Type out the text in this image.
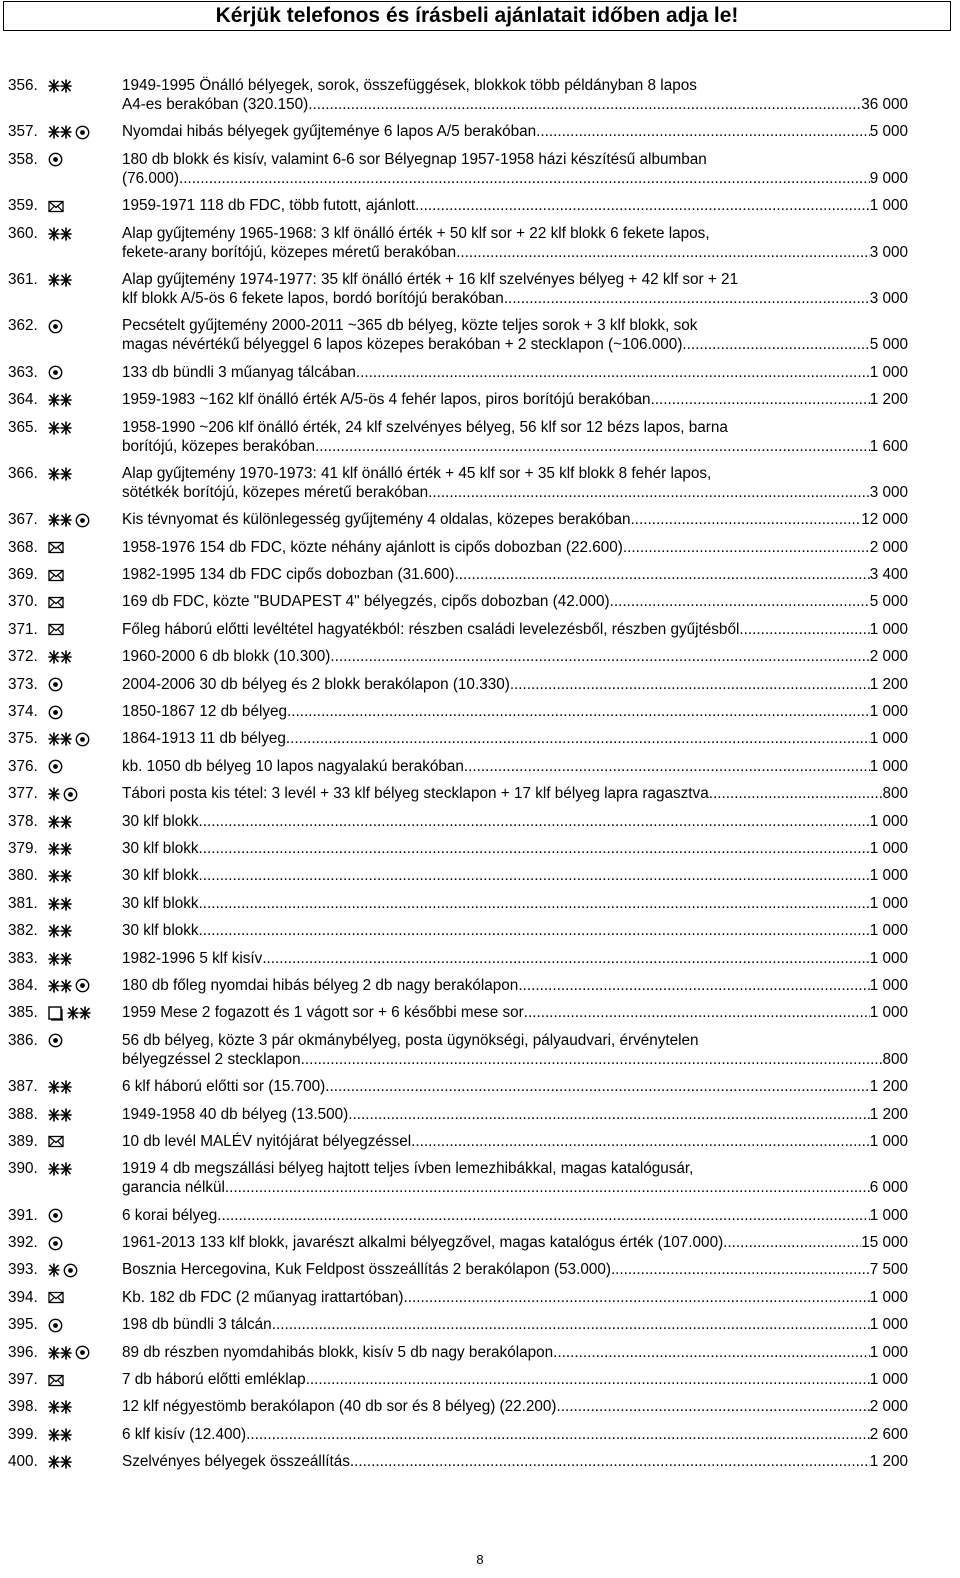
Kérjük telefonos és írásbeli ajánlatait időben adja le!
356.	1949-1995 Önálló bélyegek, sorok, összefüggések, blokkok több példányban 8 lapos
A4-es berakóban (320.150) .....	36 000
357.	Nyomdai hibás bélyegek gyűjteménye 6 lapos A/5 berakóban .....	5 000
358.	180 db blokk és kisív, valamint 6-6 sor Bélyegnap 1957-1958 házi készítésű albumban
(76.000) .....	9 000
359.	1959-1971 118 db FDC, több futott, ajánlott .....	1 000
360.	Alap gyűjtemény 1965-1968: 3 klf önálló érték + 50 klf sor + 22 klf blokk 6 fekete lapos,
fekete-arany borítójú, közepes méretű berakóban .....	3 000
361.	Alap gyűjtemény 1974-1977: 35 klf önálló érték + 16 klf szelvényes bélyeg + 42 klf sor + 21
klf blokk A/5-ös 6 fekete lapos, bordó borítójú berakóban .....	3 000
362.	Pecsételt gyűjtemény 2000-2011 ~365 db bélyeg, közte teljes sorok + 3 klf blokk, sok
magas névértékű bélyeggel 6 lapos közepes berakóban + 2 stecklapon (~106.000) .....	5 000
363.	133 db bündli 3 műanyag tálcában .....	1 000
364.	1959-1983 ~162 klf önálló érték A/5-ös 4 fehér lapos, piros borítójú berakóban .....	1 200
365.	1958-1990 ~206 klf önálló érték, 24 klf szelvényes bélyeg, 56 klf sor 12 bézs lapos, barna
borítójú, közepes berakóban .....	1 600
366.	Alap gyűjtemény 1970-1973: 41 klf önálló érték + 45 klf sor + 35 klf blokk 8 fehér lapos,
sötétkék borítójú, közepes méretű berakóban .....	3 000
367.	Kis tévnyomat és különlegesség gyűjtemény 4 oldalas, közepes berakóban .....	12 000
368.	1958-1976 154 db FDC, közte néhány ajánlott is cipős dobozban (22.600) .....	2 000
369.	1982-1995 134 db FDC cipős dobozban (31.600) .....	3 400
370.	169 db FDC, közte "BUDAPEST 4" bélyegzés, cipős dobozban (42.000) .....	5 000
371.	Főleg háború előtti levéltétel hagyatékból: részben családi levelezésből, részben gyűjtésből. .....	1 000
372.	1960-2000 6 db blokk (10.300) .....	2 000
373.	2004-2006 30 db bélyeg és 2 blokk berakólapon (10.330) .....	1 200
374.	1850-1867 12 db bélyeg .....	1 000
375.	1864-1913 11 db bélyeg .....	1 000
376.	kb. 1050 db bélyeg 10 lapos nagyalakú berakóban .....	1 000
377.	Tábori posta kis tétel: 3 levél + 33 klf bélyeg stecklapon + 17 klf bélyeg lapra ragasztva .....	800
378.	30 klf blokk .....	1 000
379.	30 klf blokk .....	1 000
380.	30 klf blokk .....	1 000
381.	30 klf blokk .....	1 000
382.	30 klf blokk .....	1 000
383.	1982-1996 5 klf kisív .....	1 000
384.	180 db főleg nyomdai hibás bélyeg 2 db nagy berakólapon .....	1 000
385.	1959 Mese 2 fogazott és 1 vágott sor + 6 későbbi mese sor .....	1 000
386.	56 db bélyeg, közte 3 pár okmánybélyeg, posta ügynökségi, pályaudvari, érvénytelen
bélyegzéssel 2 stecklapon .....	800
387.	6 klf háború előtti sor (15.700) .....	1 200
388.	1949-1958 40 db bélyeg (13.500) .....	1 200
389.	10 db levél MALÉV nyitójárat bélyegzéssel .....	1 000
390.	1919 4 db megszállási bélyeg hajtott teljes ívben lemezhibákkal, magas katalógusár,
garancia nélkül .....	6 000
391.	6 korai bélyeg .....	1 000
392.	1961-2013 133 klf blokk, javarészt alkalmi bélyegzővel, magas katalógus érték (107.000) .....	15 000
393.	Bosznia Hercegovina, Kuk Feldpost összeállítás 2 berakólapon (53.000) .....	7 500
394.	Kb. 182 db FDC (2 műanyag irattartóban) .....	1 000
395.	198 db bündli 3 tálcán .....	1 000
396.	89 db részben nyomdahibás blokk, kisív 5 db nagy berakólapon .....	1 000
397.	7 db háború előtti emléklap .....	1 000
398.	12 klf négyestömb berakólapon (40 db sor és 8 bélyeg) (22.200) .....	2 000
399.	6 klf kisív (12.400) .....	2 600
400.	Szelvényes bélyegek összeállítás .....	1 200
8
